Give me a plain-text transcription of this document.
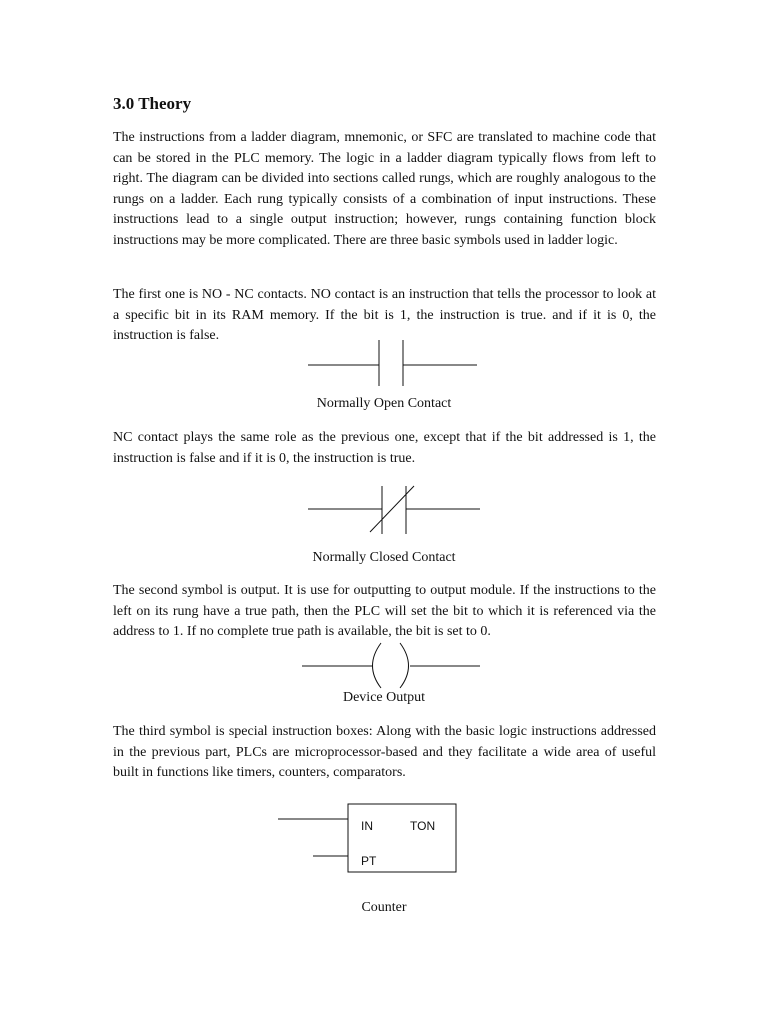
3.0 Theory

The instructions from a ladder diagram, mnemonic, or SFC are translated to machine code that can be stored in the PLC memory. The logic in a ladder diagram typically flows from left to right. The diagram can be divided into sections called rungs, which are roughly analogous to the rungs on a ladder. Each rung typically consists of a combination of input instructions. These instructions lead to a single output instruction; however, rungs containing function block instructions may be more complicated. There are three basic symbols used in ladder logic.

The first one is NO - NC contacts. NO contact is an instruction that tells the processor to look at a specific bit in its RAM memory. If the bit is 1, the instruction is true. and if it is 0, the instruction is false.

Normally Open Contact

NC contact plays the same role as the previous one, except that if the bit addressed is 1, the instruction is false and if it is 0, the instruction is true.

Normally Closed Contact

The second symbol is output. It is use for outputting to output module. If the instructions to the left on its rung have a true path, then the PLC will set the bit to which it is referenced via the address to 1. If no complete true path is available, the bit is set to 0.

Device Output

The third symbol is special instruction boxes: Along with the basic logic instructions addressed in the previous part, PLCs are microprocessor-based and they facilitate a wide area of useful built in functions like timers, counters, comparators.

IN	TON
PT

Counter
